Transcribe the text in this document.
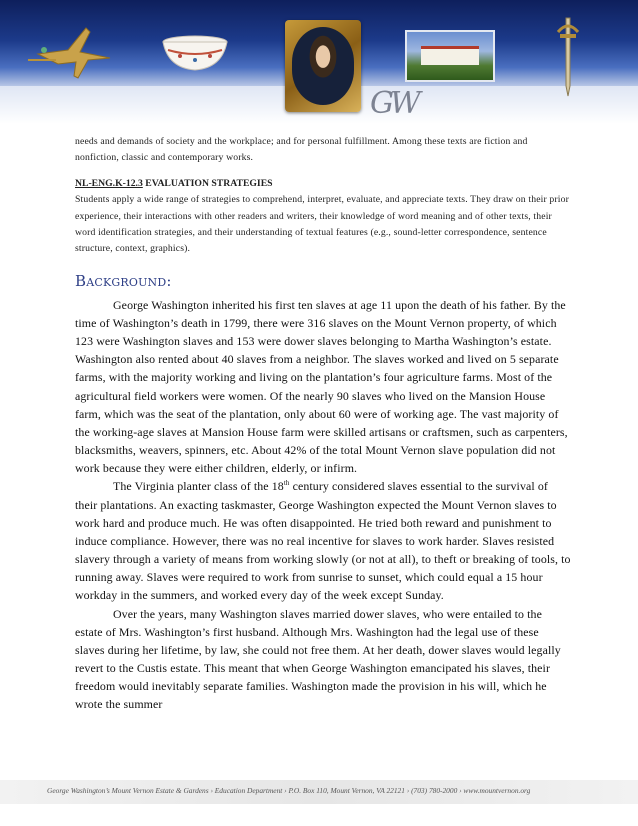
GW

needs and demands of society and the workplace; and for personal fulfillment. Among these texts are fiction and nonfiction, classic and contemporary works.

NL-ENG.K-12.3 EVALUATION STRATEGIES

Students apply a wide range of strategies to comprehend, interpret, evaluate, and appreciate texts. They draw on their prior experience, their interactions with other readers and writers, their knowledge of word meaning and of other texts, their word identification strategies, and their understanding of textual features (e.g., sound-letter correspondence, sentence structure, context, graphics).

Background:

George Washington inherited his first ten slaves at age 11 upon the death of his father. By the time of Washington’s death in 1799, there were 316 slaves on the Mount Vernon property, of which 123 were Washington slaves and 153 were dower slaves belonging to Martha Washington’s estate. Washington also rented about 40 slaves from a neighbor. The slaves worked and lived on 5 separate farms, with the majority working and living on the plantation’s four agriculture farms. Most of the agricultural field workers were women. Of the nearly 90 slaves who lived on the Mansion House farm, which was the seat of the plantation, only about 60 were of working age. The vast majority of the working-age slaves at Mansion House farm were skilled artisans or craftsmen, such as carpenters, blacksmiths, weavers, spinners, etc. About 42% of the total Mount Vernon slave population did not work because they were either children, elderly, or infirm.

The Virginia planter class of the 18th century considered slaves essential to the survival of their plantations. An exacting taskmaster, George Washington expected the Mount Vernon slaves to work hard and produce much. He was often disappointed. He tried both reward and punishment to induce compliance. However, there was no real incentive for slaves to work harder. Slaves resisted slavery through a variety of means from working slowly (or not at all), to theft or breaking of tools, to running away. Slaves were required to work from sunrise to sunset, which could equal a 15 hour workday in the summers, and worked every day of the week except Sunday.

Over the years, many Washington slaves married dower slaves, who were entailed to the estate of Mrs. Washington’s first husband. Although Mrs. Washington had the legal use of these slaves during her lifetime, by law, she could not free them. At her death, dower slaves would legally revert to the Custis estate. This meant that when George Washington emancipated his slaves, their freedom would inevitably separate families. Washington made the provision in his will, which he wrote the summer

George Washington’s Mount Vernon Estate & Gardens › Education Department › P.O. Box 110, Mount Vernon, VA 22121 › (703) 780-2000 › www.mountvernon.org
